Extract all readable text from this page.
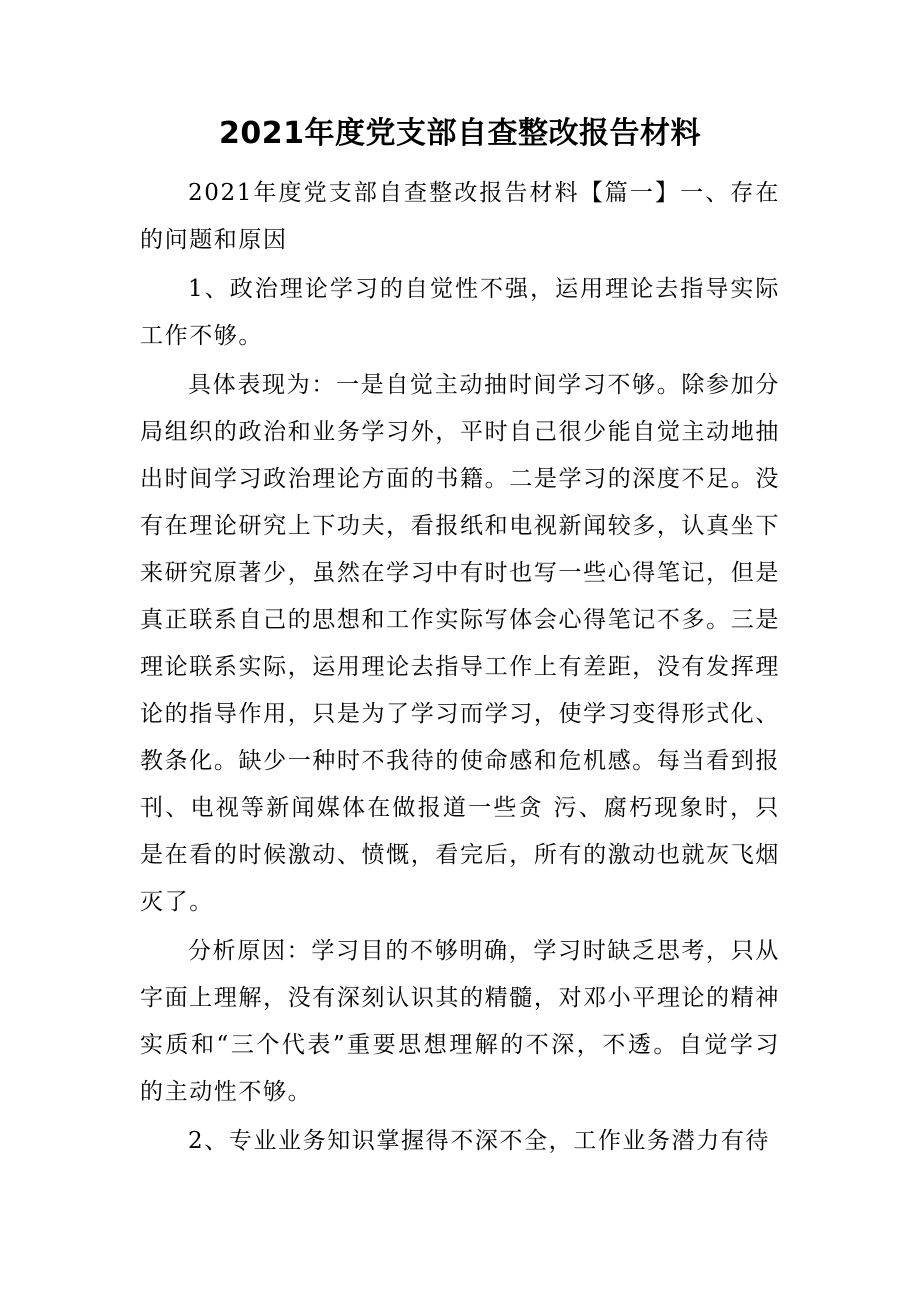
2021年度党支部自查整改报告材料

2021年度党支部自查整改报告材料【篇一】一、存在的问题和原因

1、政治理论学习的自觉性不强，运用理论去指导实际工作不够。

具体表现为：一是自觉主动抽时间学习不够。除参加分局组织的政治和业务学习外，平时自己很少能自觉主动地抽出时间学习政治理论方面的书籍。二是学习的深度不足。没有在理论研究上下功夫，看报纸和电视新闻较多，认真坐下来研究原著少，虽然在学习中有时也写一些心得笔记，但是真正联系自己的思想和工作实际写体会心得笔记不多。三是理论联系实际，运用理论去指导工作上有差距，没有发挥理论的指导作用，只是为了学习而学习，使学习变得形式化、教条化。缺少一种时不我待的使命感和危机感。每当看到报刊、电视等新闻媒体在做报道一些贪 污、腐朽现象时，只是在看的时候激动、愤慨，看完后，所有的激动也就灰飞烟灭了。

分析原因：学习目的不够明确，学习时缺乏思考，只从字面上理解，没有深刻认识其的精髓，对邓小平理论的精神实质和“三个代表”重要思想理解的不深，不透。自觉学习的主动性不够。

2、专业业务知识掌握得不深不全，工作业务潜力有待
